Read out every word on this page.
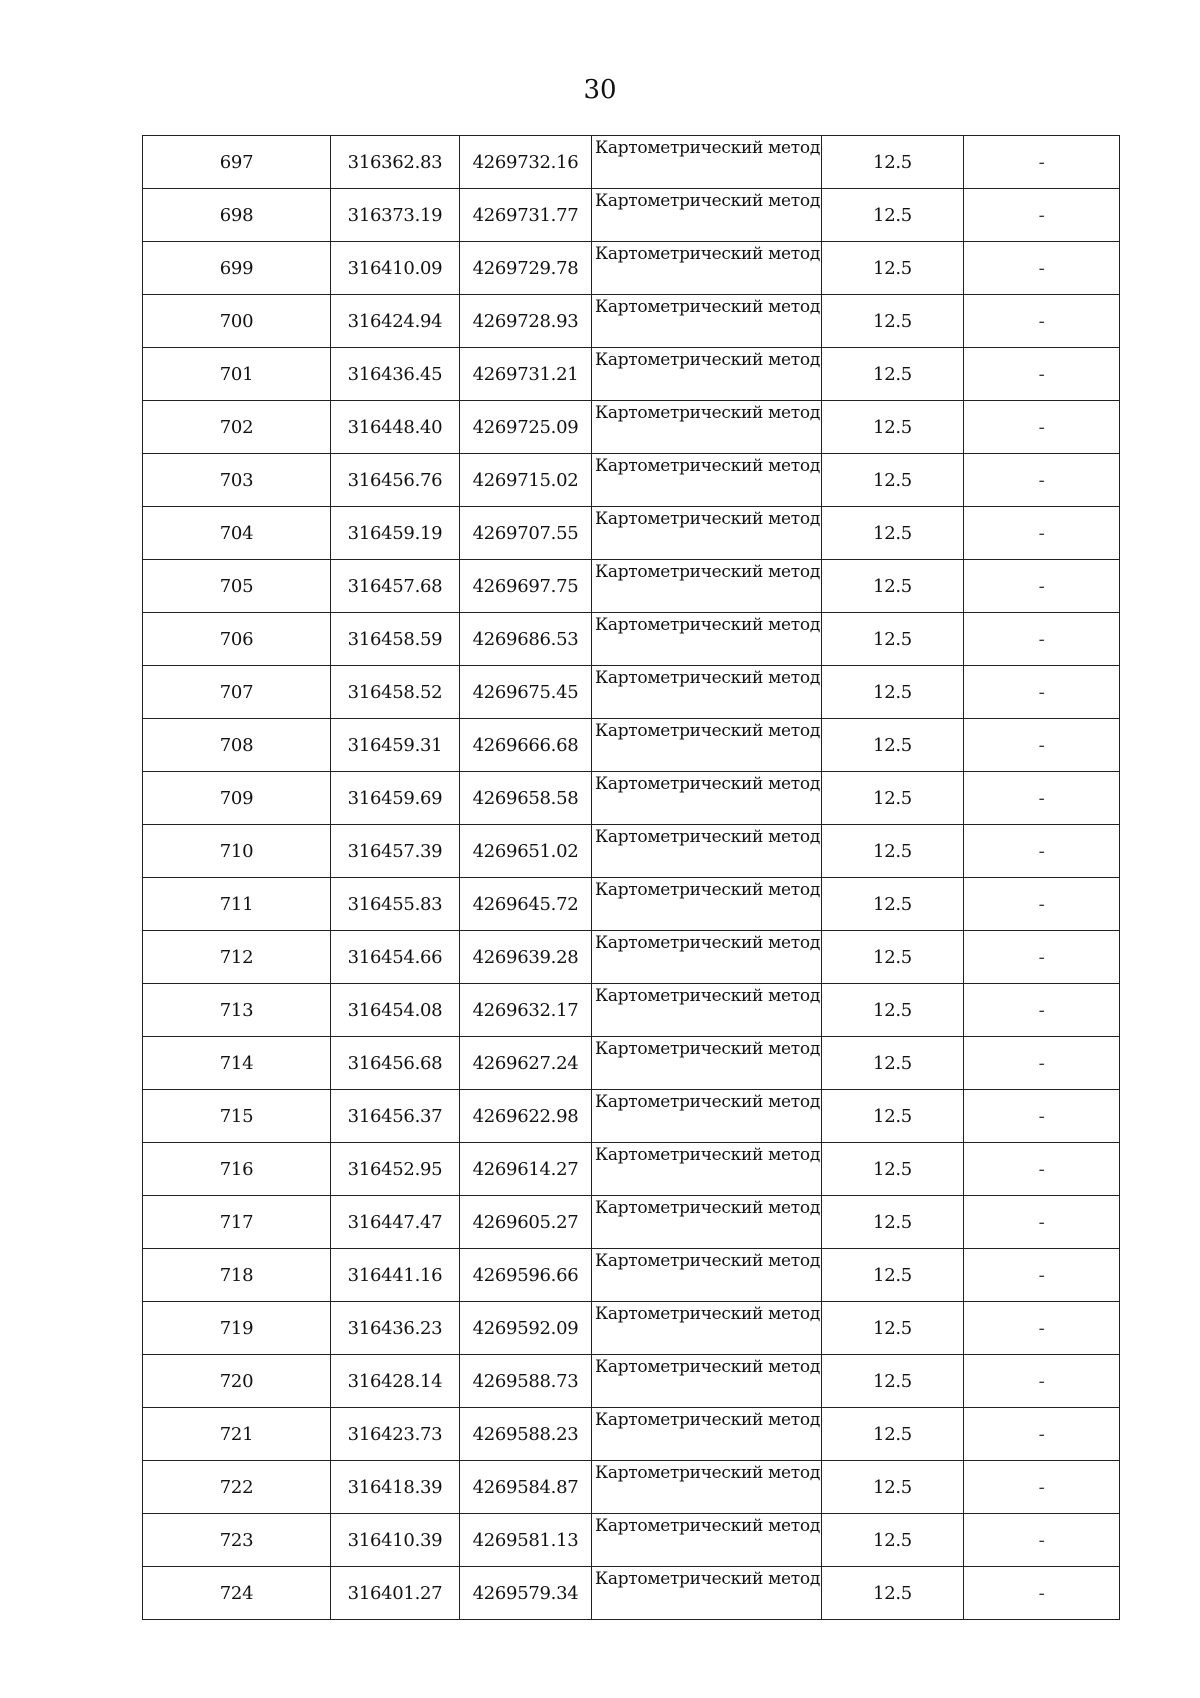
30
697	316362.83	4269732.16	Картометрический метод	12.5	-
698	316373.19	4269731.77	Картометрический метод	12.5	-
699	316410.09	4269729.78	Картометрический метод	12.5	-
700	316424.94	4269728.93	Картометрический метод	12.5	-
701	316436.45	4269731.21	Картометрический метод	12.5	-
702	316448.40	4269725.09	Картометрический метод	12.5	-
703	316456.76	4269715.02	Картометрический метод	12.5	-
704	316459.19	4269707.55	Картометрический метод	12.5	-
705	316457.68	4269697.75	Картометрический метод	12.5	-
706	316458.59	4269686.53	Картометрический метод	12.5	-
707	316458.52	4269675.45	Картометрический метод	12.5	-
708	316459.31	4269666.68	Картометрический метод	12.5	-
709	316459.69	4269658.58	Картометрический метод	12.5	-
710	316457.39	4269651.02	Картометрический метод	12.5	-
711	316455.83	4269645.72	Картометрический метод	12.5	-
712	316454.66	4269639.28	Картометрический метод	12.5	-
713	316454.08	4269632.17	Картометрический метод	12.5	-
714	316456.68	4269627.24	Картометрический метод	12.5	-
715	316456.37	4269622.98	Картометрический метод	12.5	-
716	316452.95	4269614.27	Картометрический метод	12.5	-
717	316447.47	4269605.27	Картометрический метод	12.5	-
718	316441.16	4269596.66	Картометрический метод	12.5	-
719	316436.23	4269592.09	Картометрический метод	12.5	-
720	316428.14	4269588.73	Картометрический метод	12.5	-
721	316423.73	4269588.23	Картометрический метод	12.5	-
722	316418.39	4269584.87	Картометрический метод	12.5	-
723	316410.39	4269581.13	Картометрический метод	12.5	-
724	316401.27	4269579.34	Картометрический метод	12.5	-
